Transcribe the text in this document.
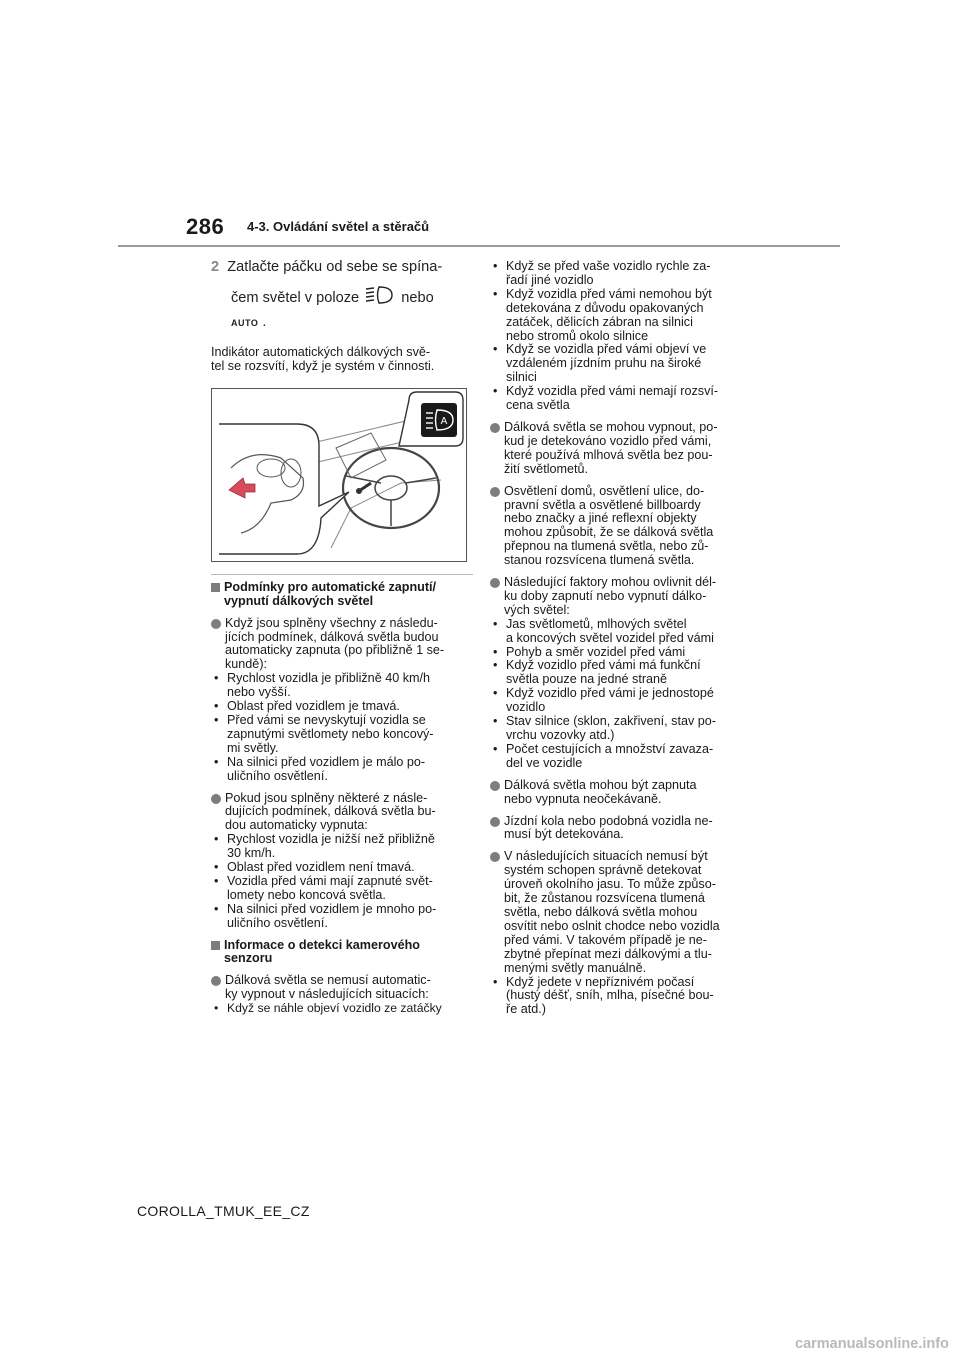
286 4-3. Ovládání světel a stěračů

2 Zatlačte páčku od sebe se spína-

čem světel v poloze	nebo

AUTO .

Indikátor automatických dálkových svě-

tel se rozsvítí, když je systém v činnosti.

A

Podmínky pro automatické zapnutí/

vypnutí dálkových světel

Když jsou splněny všechny z následu-

jících podmínek, dálková světla budou

automaticky zapnuta (po přibližně 1 se-

kundě):

• Rychlost vozidla je přibližně 40 km/h

nebo vyšší.

• Oblast před vozidlem je tmavá.

• Před vámi se nevyskytují vozidla se

zapnutými světlomety nebo koncový-

mi světly.

• Na silnici před vozidlem je málo po-

uličního osvětlení.

Pokud jsou splněny některé z násle-

dujících podmínek, dálková světla bu-

dou automaticky vypnuta:

• Rychlost vozidla je nižší než přibližně

30 km/h.

• Oblast před vozidlem není tmavá.

• Vozidla před vámi mají zapnuté svět-

lomety nebo koncová světla.

• Na silnici před vozidlem je mnoho po-

uličního osvětlení.

Informace o detekci kamerového

senzoru

Dálková světla se nemusí automatic-

ky vypnout v následujících situacích:

• Když se náhle objeví vozidlo ze zatáčky

• Když se před vaše vozidlo rychle za-

řadí jiné vozidlo

• Když vozidla před vámi nemohou být

detekována z důvodu opakovaných

zatáček, dělicích zábran na silnici

nebo stromů okolo silnice

• Když se vozidla před vámi objeví ve

vzdáleném jízdním pruhu na široké

silnici

• Když vozidla před vámi nemají rozsví-

cena světla

Dálková světla se mohou vypnout, po-

kud je detekováno vozidlo před vámi,

které používá mlhová světla bez pou-

žití světlometů.

Osvětlení domů, osvětlení ulice, do-

pravní světla a osvětlené billboardy

nebo značky a jiné reflexní objekty

mohou způsobit, že se dálková světla

přepnou na tlumená světla, nebo zů-

stanou rozsvícena tlumená světla.

Následující faktory mohou ovlivnit dél-

ku doby zapnutí nebo vypnutí dálko-

vých světel:

• Jas světlometů, mlhových světel

a koncových světel vozidel před vámi

• Pohyb a směr vozidel před vámi

• Když vozidlo před vámi má funkční

světla pouze na jedné straně

• Když vozidlo před vámi je jednostopé

vozidlo

• Stav silnice (sklon, zakřivení, stav po-

vrchu vozovky atd.)

• Počet cestujících a množství zavaza-

del ve vozidle

Dálková světla mohou být zapnuta

nebo vypnuta neočekávaně.

Jízdní kola nebo podobná vozidla ne-

musí být detekována.

V následujících situacích nemusí být

systém schopen správně detekovat

úroveň okolního jasu. To může způso-

bit, že zůstanou rozsvícena tlumená

světla, nebo dálková světla mohou

osvítit nebo oslnit chodce nebo vozidla

před vámi. V takovém případě je ne-

zbytné přepínat mezi dálkovými a tlu-

menými světly manuálně.

• Když jedete v nepříznivém počasí

(hustý déšť, sníh, mlha, písečné bou-

ře atd.)

COROLLA_TMUK_EE_CZ
carmanualsonline.info
